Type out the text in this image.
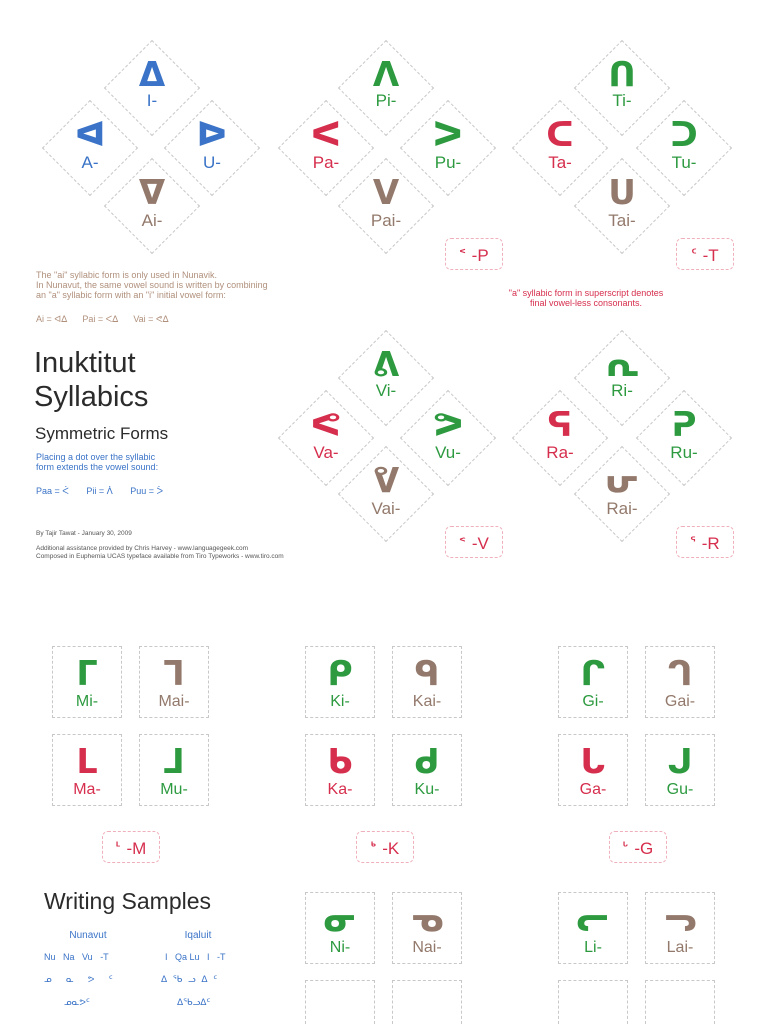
ᐃ
I-
ᐊ
A-
ᐅ
U-
ᐁ
Ai-
ᐱ
Pi-
ᐸ
Pa-
ᐳ
Pu-
ᐯ
Pai-
$^ᑉ$ -P
ᑎ
Ti-
ᑕ
Ta-
ᑐ
Tu-
ᑌ
Tai-
$^ᑦ$ -T
The "ai" syllabic form is only used in Nunavik.
In Nunavut, the same vowel sound is written by combining
an "a" syllabic form with an "i" initial vowel form:
Ai = ᐊᐃ      Pai = ᐸᐃ      Vai = ᕙᐃ
"a" syllabic form in superscript denotes
final vowel-less consonants.
Inuktitut
Syllabics
Symmetric Forms
Placing a dot over the syllabic
form extends the vowel sound:
Paa = ᐹ       Pii = ᐲ       Puu = ᐴ
By Tajir Tawat - January 30, 2009
Additional assistance provided by Chris Harvey - www.languagegeek.com
Composed in Euphemia UCAS typeface available from Tiro Typeworks - www.tiro.com
ᕕ
Vi-
ᕙ
Va-
ᕗ
Vu-
ᕓ
Vai-
$^ᕝ$ -V
ᕆ
Ri-
ᕋ
Ra-
ᕈ
Ru-
ᕂ
Rai-
$^ᕐ$ -R
ᒥ
Mi-
ᒣ
Mai-
ᒪ
Ma-
ᒧ
Mu-
$^ᒻ$ -M
ᑭ
Ki-
ᑫ
Kai-
ᑲ
Ka-
ᑯ
Ku-
$^ᒃ$ -K
ᒋ
Gi-
ᒉ
Gai-
ᒐ
Ga-
ᒍ
Gu-
$^ᒡ$ -G
ᓂ
Ni-
ᓀ
Nai-
ᓕ
Li-
ᓓ
Lai-
Writing Samples
Nunavut
Nu   Na   Vu   -T
ᓄ     ᓇ     ᕗ     ᑦ
ᓄᓇᕗᑦ
Iqaluit
I   Qa Lu   I   -T
ᐃ  ᖃ  ᓗ  ᐃ  ᑦ
ᐃᖃᓗᐃᑦ
